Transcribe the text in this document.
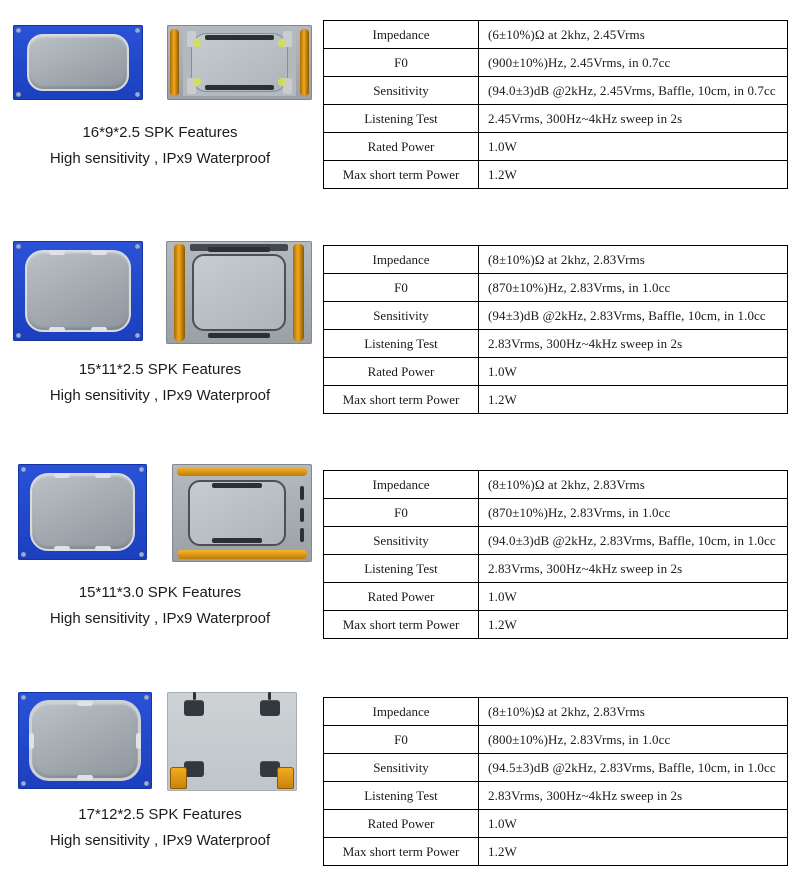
16*9*2.5 SPK Features
High sensitivity , IPx9 Waterproof
Impedance	(6±10%)Ω at 2khz, 2.45Vrms
F0	(900±10%)Hz, 2.45Vrms, in 0.7cc
Sensitivity	(94.0±3)dB @2kHz, 2.45Vrms, Baffle, 10cm, in 0.7cc
Listening Test	2.45Vrms, 300Hz~4kHz sweep in 2s
Rated Power	1.0W
Max short term Power	1.2W
15*11*2.5 SPK Features
High sensitivity , IPx9 Waterproof
Impedance	(8±10%)Ω at 2khz, 2.83Vrms
F0	(870±10%)Hz, 2.83Vrms, in 1.0cc
Sensitivity	(94±3)dB @2kHz, 2.83Vrms, Baffle, 10cm, in 1.0cc
Listening Test	2.83Vrms, 300Hz~4kHz sweep in 2s
Rated Power	1.0W
Max short term Power	1.2W
15*11*3.0 SPK Features
High sensitivity , IPx9 Waterproof
Impedance	(8±10%)Ω at 2khz, 2.83Vrms
F0	(870±10%)Hz, 2.83Vrms, in 1.0cc
Sensitivity	(94.0±3)dB @2kHz, 2.83Vrms, Baffle, 10cm, in 1.0cc
Listening Test	2.83Vrms, 300Hz~4kHz sweep in 2s
Rated Power	1.0W
Max short term Power	1.2W
17*12*2.5 SPK Features
High sensitivity , IPx9 Waterproof
Impedance	(8±10%)Ω at 2khz, 2.83Vrms
F0	(800±10%)Hz, 2.83Vrms, in 1.0cc
Sensitivity	(94.5±3)dB @2kHz, 2.83Vrms, Baffle, 10cm, in 1.0cc
Listening Test	2.83Vrms, 300Hz~4kHz sweep in 2s
Rated Power	1.0W
Max short term Power	1.2W
